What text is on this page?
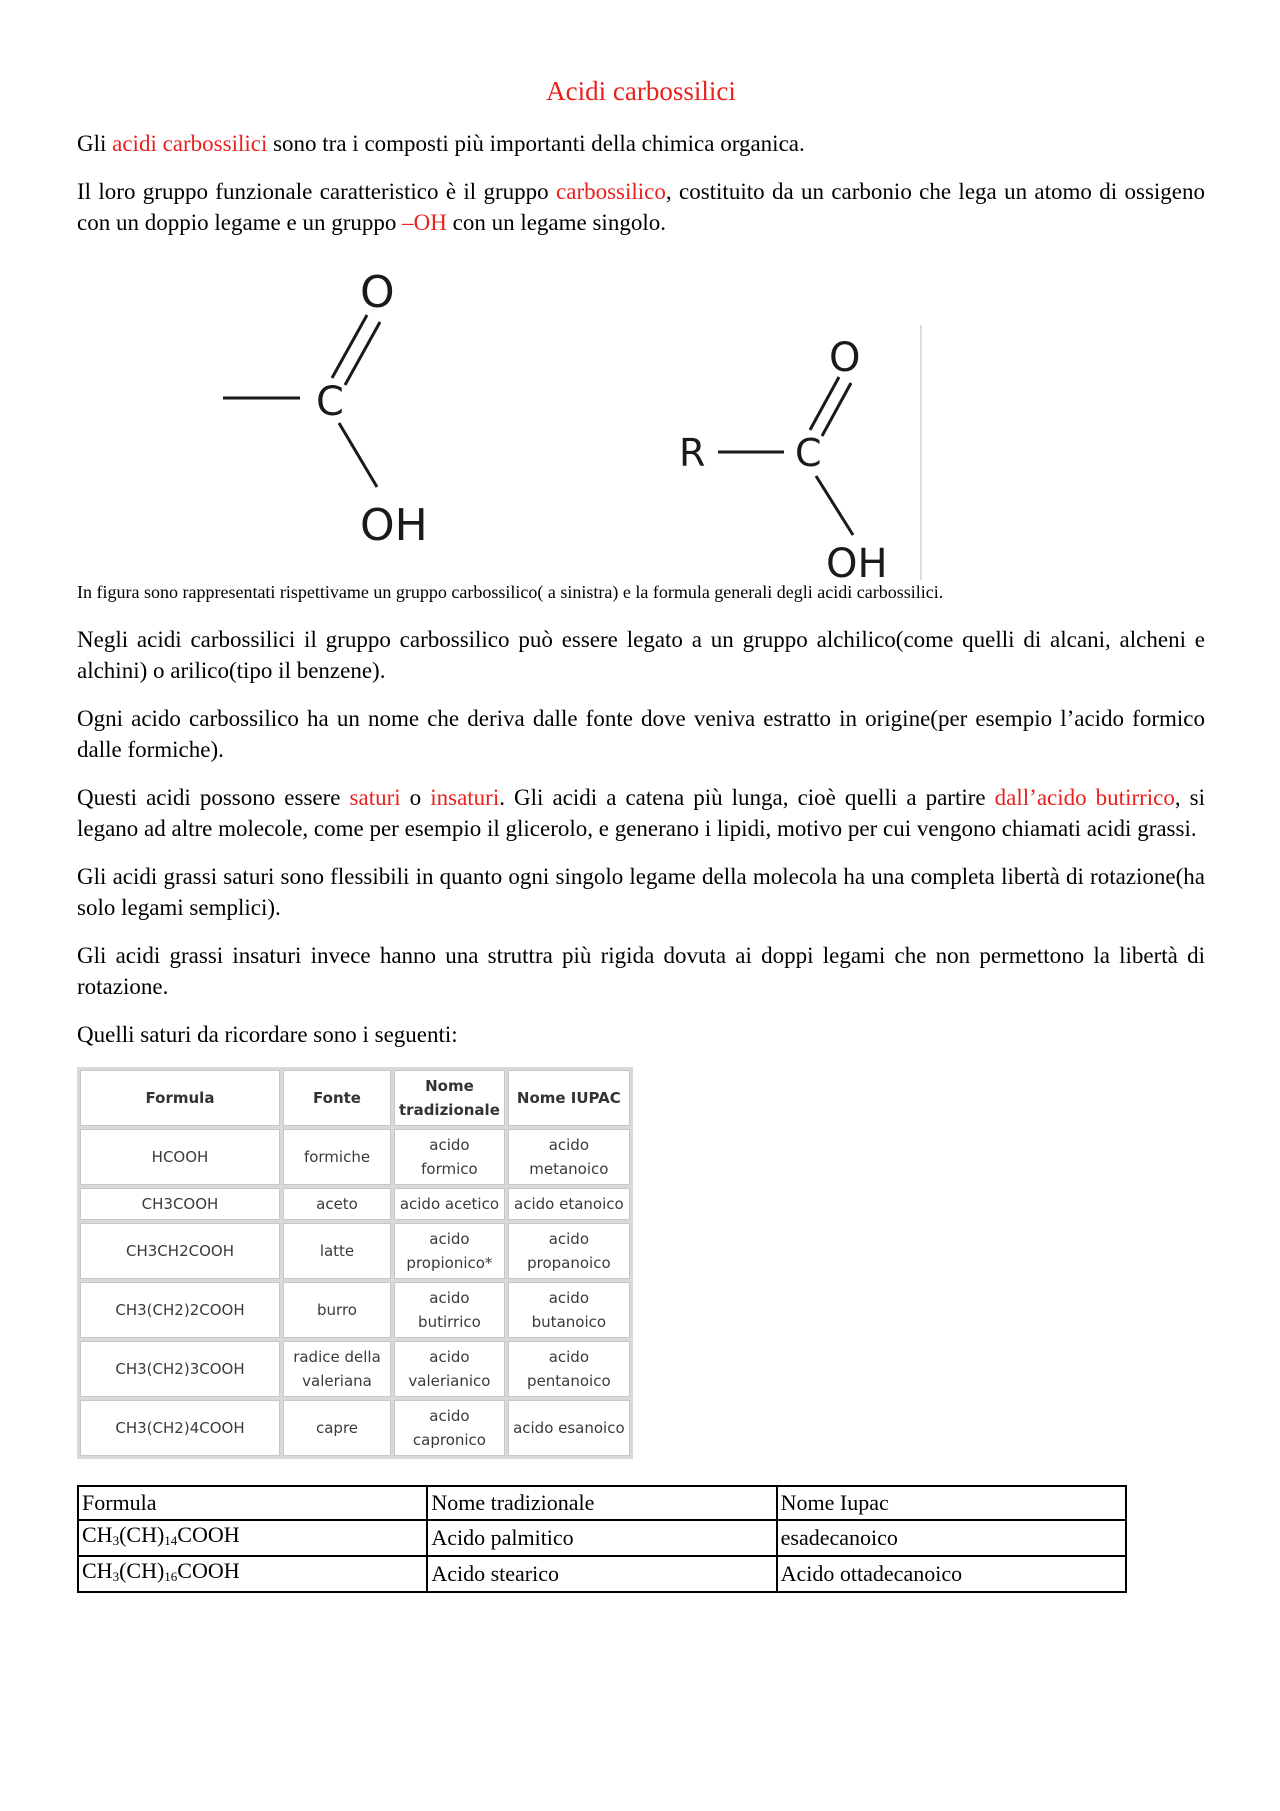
Acidi carbossilici

Gli acidi carbossilici sono tra i composti più importanti della chimica organica.

Il loro gruppo funzionale caratteristico è il gruppo carbossilico, costituito da un carbonio che lega un atomo di ossigeno con un doppio legame e un gruppo –OH con un legame singolo.

C
O
OH
R C
O
OH

In figura sono rappresentati rispettivame un gruppo carbossilico( a sinistra) e la formula generali degli acidi carbossilici.

Negli acidi carbossilici il gruppo carbossilico può essere legato a un gruppo alchilico(come quelli di alcani, alcheni e alchini) o arilico(tipo il benzene).

Ogni acido carbossilico ha un nome che deriva dalle fonte dove veniva estratto in origine(per esempio l’acido formico dalle formiche).

Questi acidi possono essere saturi o insaturi. Gli acidi a catena più lunga, cioè quelli a partire dall’acido butirrico, si legano ad altre molecole, come per esempio il glicerolo, e generano i lipidi, motivo per cui vengono chiamati acidi grassi.

Gli acidi grassi saturi sono flessibili in quanto ogni singolo legame della molecola ha una completa libertà di rotazione(ha solo legami semplici).

Gli acidi grassi insaturi invece hanno una struttra più rigida dovuta ai doppi legami che non permettono la libertà di rotazione.

Quelli saturi da ricordare sono i seguenti:

Formula	Fonte	Nome tradizionale	Nome IUPAC
HCOOH	formiche	acido formico	acido metanoico
CH3COOH	aceto	acido acetico	acido etanoico
CH3CH2COOH	latte	acido propionico*	acido propanoico
CH3(CH2)2COOH	burro	acido butirrico	acido butanoico
CH3(CH2)3COOH	radice della valeriana	acido valerianico	acido pentanoico
CH3(CH2)4COOH	capre	acido capronico	acido esanoico
Formula	Nome tradizionale	Nome Iupac
$CH_3(CH)_{14}COOH$	Acido palmitico	esadecanoico
$CH_3(CH)_{16}COOH$	Acido stearico	Acido ottadecanoico
